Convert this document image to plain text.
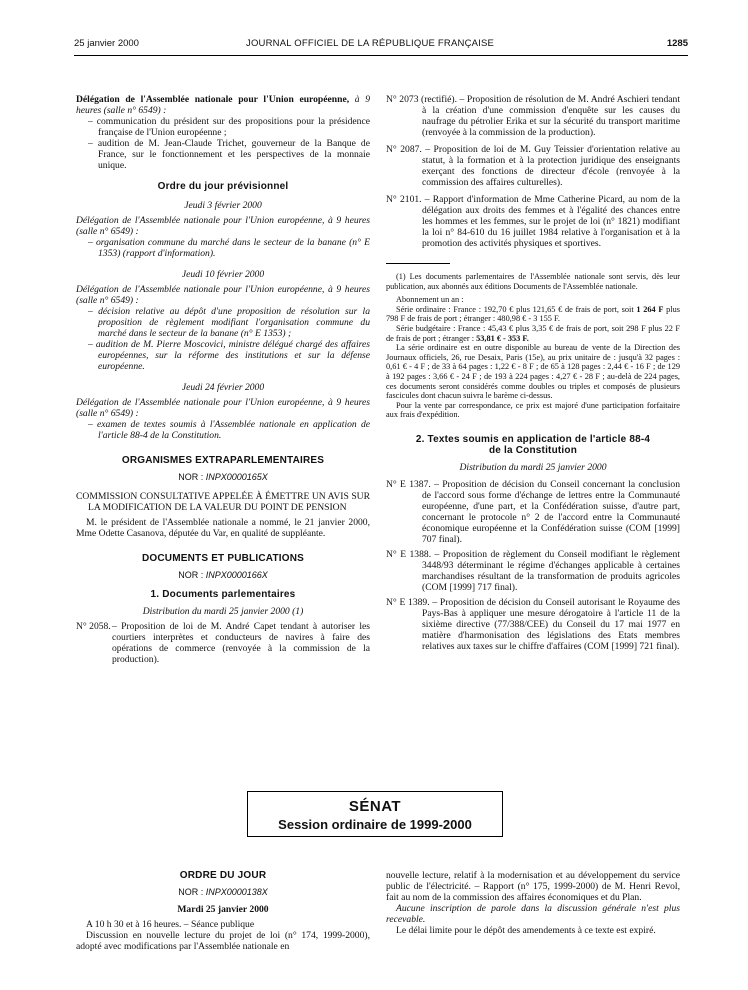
25 janvier 2000	JOURNAL OFFICIEL DE LA RÉPUBLIQUE FRANÇAISE	1285

Délégation de l'Assemblée nationale pour l'Union européenne, à 9 heures (salle n° 6549) :

– communication du président sur des propositions pour la présidence française de l'Union européenne ;

– audition de M. Jean-Claude Trichet, gouverneur de la Banque de France, sur le fonctionnement et les perspectives de la monnaie unique.

Ordre du jour prévisionnel

Jeudi 3 février 2000

Délégation de l'Assemblée nationale pour l'Union européenne, à 9 heures (salle n° 6549) :

– organisation commune du marché dans le secteur de la banane (n° E 1353) (rapport d'information).

Jeudi 10 février 2000

Délégation de l'Assemblée nationale pour l'Union européenne, à 9 heures (salle n° 6549) :

– décision relative au dépôt d'une proposition de résolution sur la proposition de règlement modifiant l'organisation commune du marché dans le secteur de la banane (n° E 1353) ;

– audition de M. Pierre Moscovici, ministre délégué chargé des affaires européennes, sur la réforme des institutions et sur la défense européenne.

Jeudi 24 février 2000

Délégation de l'Assemblée nationale pour l'Union européenne, à 9 heures (salle n° 6549) :

– examen de textes soumis à l'Assemblée nationale en application de l'article 88-4 de la Constitution.

ORGANISMES EXTRAPARLEMENTAIRES

NOR : INPX0000165X

COMMISSION CONSULTATIVE APPELÉE À ÉMETTRE UN AVIS SUR LA MODIFICATION DE LA VALEUR DU POINT DE PENSION

M. le président de l'Assemblée nationale a nommé, le 21 janvier 2000, Mme Odette Casanova, députée du Var, en qualité de suppléante.

DOCUMENTS ET PUBLICATIONS

NOR : INPX0000166X

1. Documents parlementaires

Distribution du mardi 25 janvier 2000 (1)

N° 2058.– Proposition de loi de M. André Capet tendant à autoriser les courtiers interprètes et conducteurs de navires à faire des opérations de commerce (renvoyée à la commission de la production).

N° 2073 (rectifié). – Proposition de résolution de M. André Aschieri tendant à la création d'une commission d'enquête sur les causes du naufrage du pétrolier Erika et sur la sécurité du transport maritime (renvoyée à la commission de la production).

N° 2087. – Proposition de loi de M. Guy Teissier d'orientation relative au statut, à la formation et à la protection juridique des enseignants exerçant des fonctions de directeur d'école (renvoyée à la commission des affaires culturelles).

N° 2101. – Rapport d'information de Mme Catherine Picard, au nom de la délégation aux droits des femmes et à l'égalité des chances entre les hommes et les femmes, sur le projet de loi (n° 1821) modifiant la loi n° 84-610 du 16 juillet 1984 relative à l'organisation et à la promotion des activités physiques et sportives.

(1) Les documents parlementaires de l'Assemblée nationale sont servis, dès leur publication, aux abonnés aux éditions Documents de l'Assemblée nationale.

Abonnement un an :

Série ordinaire : France : 192,70 € plus 121,65 € de frais de port, soit 1 264 F plus 798 F de frais de port ; étranger : 480,98 € - 3 155 F.

Série budgétaire : France : 45,43 € plus 3,35 € de frais de port, soit 298 F plus 22 F de frais de port ; étranger : 53,81 € - 353 F.

La série ordinaire est en outre disponible au bureau de vente de la Direction des Journaux officiels, 26, rue Desaix, Paris (15e), au prix unitaire de : jusqu'à 32 pages : 0,61 € - 4 F ; de 33 à 64 pages : 1,22 € - 8 F ; de 65 à 128 pages : 2,44 € - 16 F ; de 129 à 192 pages : 3,66 € - 24 F ; de 193 à 224 pages : 4,27 € - 28 F ; au-delà de 224 pages, ces documents seront considérés comme doubles ou triples et composés de plusieurs fascicules dont chacun suivra le barème ci-dessus.

Pour la vente par correspondance, ce prix est majoré d'une participation forfaitaire aux frais d'expédition.

2. Textes soumis en application de l'article 88-4
de la Constitution

Distribution du mardi 25 janvier 2000

N° E 1387. – Proposition de décision du Conseil concernant la conclusion de l'accord sous forme d'échange de lettres entre la Communauté européenne, d'une part, et la Confédération suisse, d'autre part, concernant le protocole n° 2 de l'accord entre la Communauté économique européenne et la Confédération suisse (COM [1999] 707 final).

N° E 1388. – Proposition de règlement du Conseil modifiant le règlement 3448/93 déterminant le régime d'échanges applicable à certaines marchandises résultant de la transformation de produits agricoles (COM [1999] 717 final).

N° E 1389. – Proposition de décision du Conseil autorisant le Royaume des Pays-Bas à appliquer une mesure dérogatoire à l'article 11 de la sixième directive (77/388/CEE) du Conseil du 17 mai 1977 en matière d'harmonisation des législations des Etats membres relatives aux taxes sur le chiffre d'affaires (COM [1999] 721 final).

SÉNAT
Session ordinaire de 1999-2000

ORDRE DU JOUR

NOR : INPX0000138X

Mardi 25 janvier 2000

A 10 h 30 et à 16 heures. – Séance publique

Discussion en nouvelle lecture du projet de loi (n° 174, 1999-2000), adopté avec modifications par l'Assemblée nationale en

nouvelle lecture, relatif à la modernisation et au développement du service public de l'électricité. – Rapport (n° 175, 1999-2000) de M. Henri Revol, fait au nom de la commission des affaires économiques et du Plan.

Aucune inscription de parole dans la discussion générale n'est plus recevable.

Le délai limite pour le dépôt des amendements à ce texte est expiré.
